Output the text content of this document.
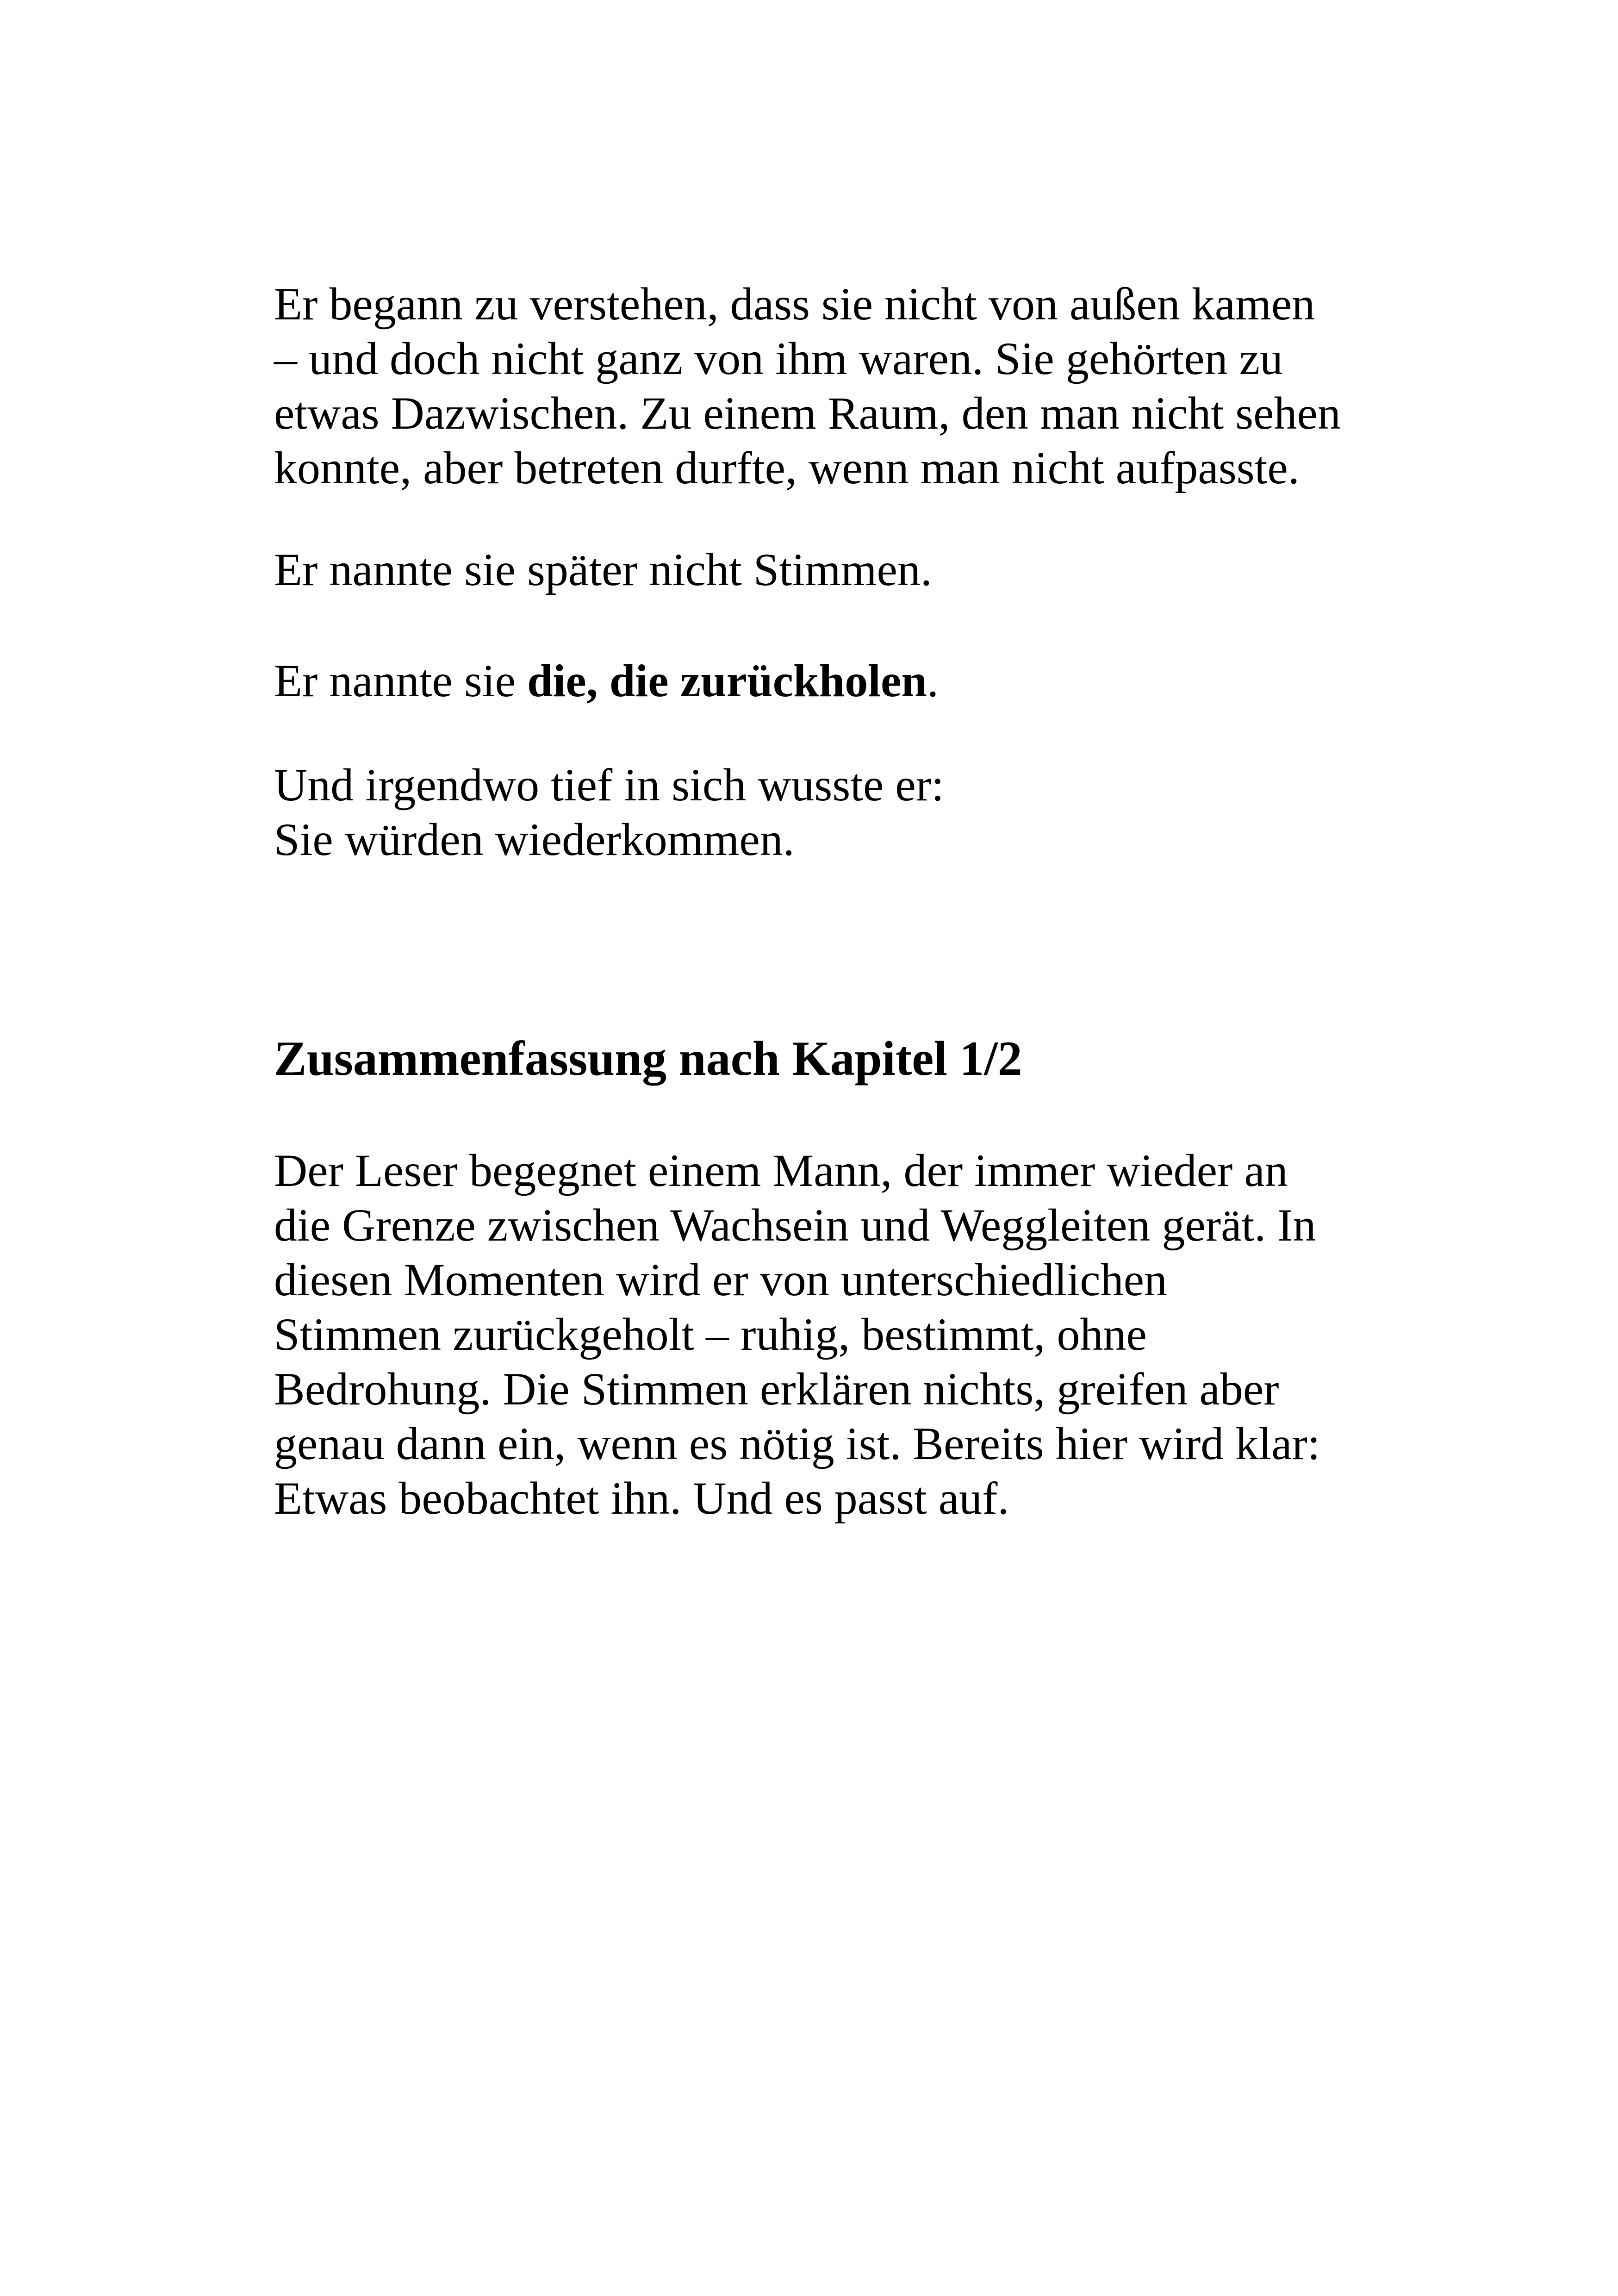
Er begann zu verstehen, dass sie nicht von außen kamen
– und doch nicht ganz von ihm waren. Sie gehörten zu
etwas Dazwischen. Zu einem Raum, den man nicht sehen
konnte, aber betreten durfte, wenn man nicht aufpasste.
Er nannte sie später nicht Stimmen.
Er nannte sie die, die zurückholen.
Und irgendwo tief in sich wusste er:
Sie würden wiederkommen.
Zusammenfassung nach Kapitel 1/2
Der Leser begegnet einem Mann, der immer wieder an
die Grenze zwischen Wachsein und Weggleiten gerät. In
diesen Momenten wird er von unterschiedlichen
Stimmen zurückgeholt – ruhig, bestimmt, ohne
Bedrohung. Die Stimmen erklären nichts, greifen aber
genau dann ein, wenn es nötig ist. Bereits hier wird klar:
Etwas beobachtet ihn. Und es passt auf.
